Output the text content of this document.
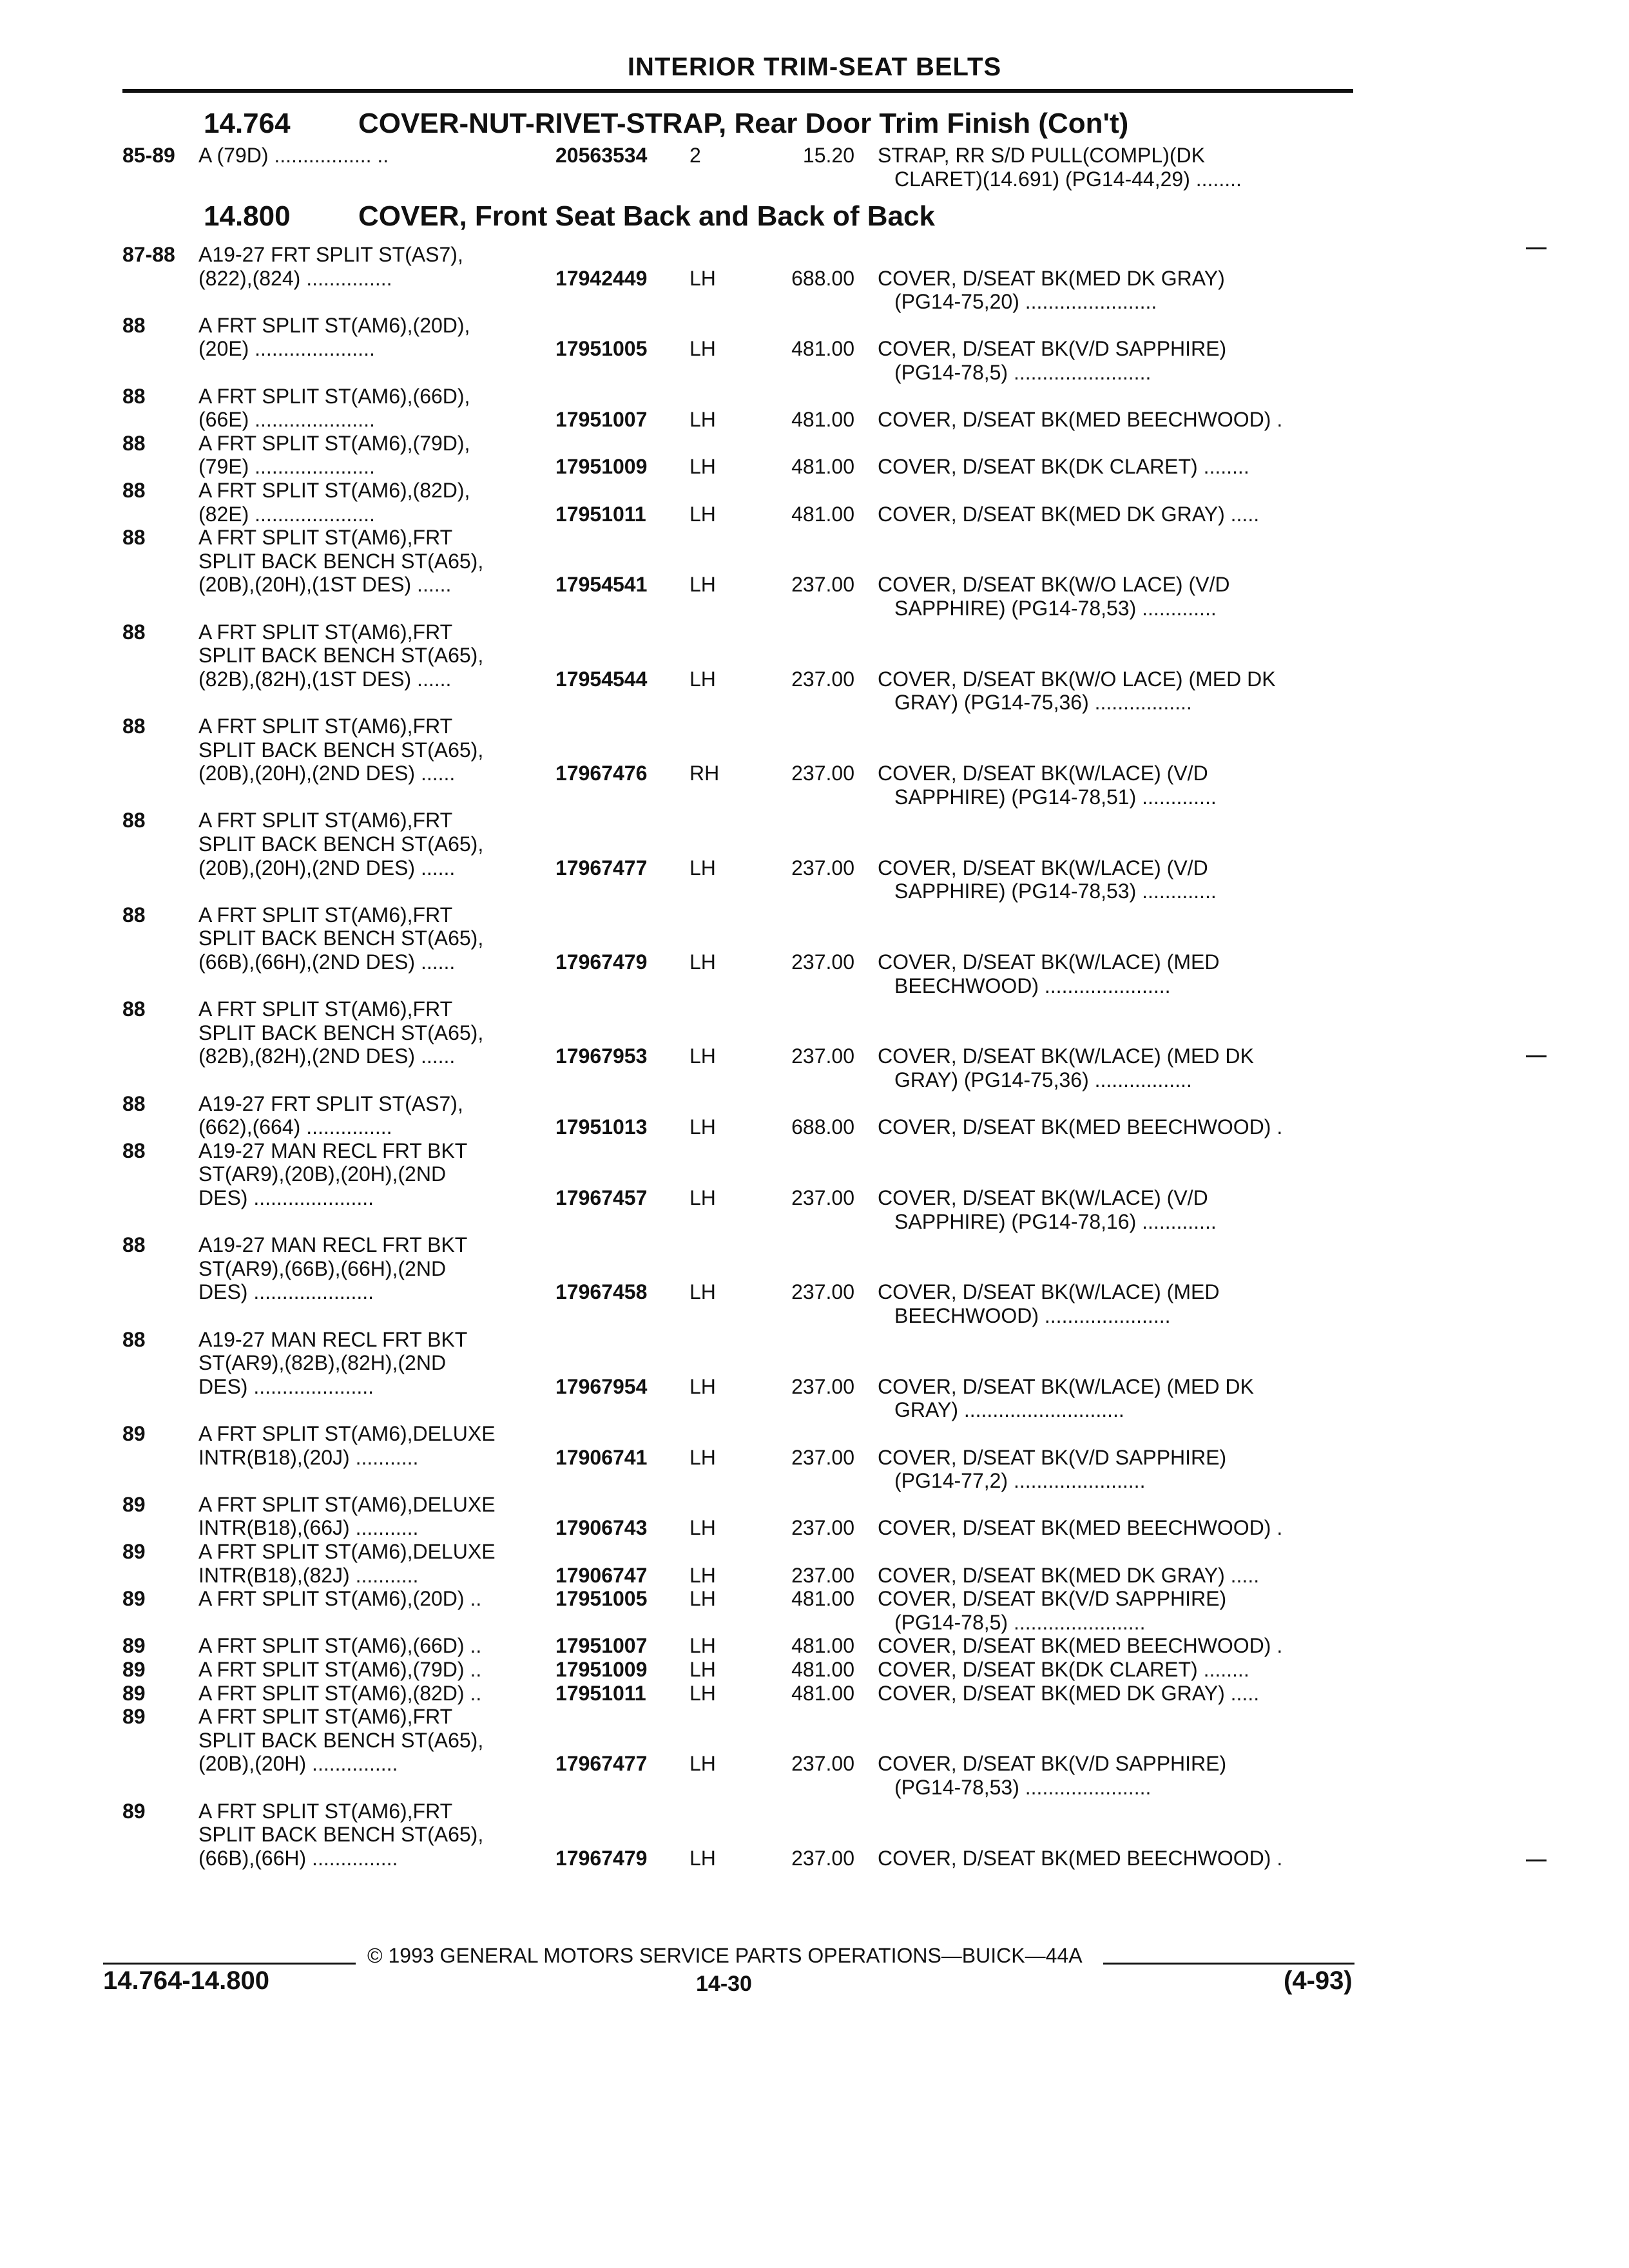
INTERIOR TRIM-SEAT BELTS
14.764 COVER-NUT-RIVET-STRAP, Rear Door Trim Finish (Con't)
14.800 COVER, Front Seat Back and Back of Back
85-89 A (79D) ................. ..	20563534 2	15.20 STRAP, RR S/D PULL(COMPL)(DK
CLARET)(14.691) (PG14-44,29) ........
87-88 A19-27 FRT SPLIT ST(AS7),
(822),(824) ...............	17942449 LH	688.00 COVER, D/SEAT BK(MED DK GRAY)
(PG14-75,20) .......................
88	A FRT SPLIT ST(AM6),(20D),
(20E) .....................	17951005 LH	481.00 COVER, D/SEAT BK(V/D SAPPHIRE)
(PG14-78,5) ........................
88	A FRT SPLIT ST(AM6),(66D),
(66E) .....................	17951007 LH	481.00 COVER, D/SEAT BK(MED BEECHWOOD) .
88	A FRT SPLIT ST(AM6),(79D),
(79E) .....................	17951009 LH	481.00 COVER, D/SEAT BK(DK CLARET) ........
88	A FRT SPLIT ST(AM6),(82D),
(82E) .....................	17951011 LH	481.00 COVER, D/SEAT BK(MED DK GRAY) .....
88	A FRT SPLIT ST(AM6),FRT
SPLIT BACK BENCH ST(A65),
(20B),(20H),(1ST DES) ......	17954541 LH	237.00 COVER, D/SEAT BK(W/O LACE) (V/D
SAPPHIRE) (PG14-78,53) .............
88	A FRT SPLIT ST(AM6),FRT
SPLIT BACK BENCH ST(A65),
(82B),(82H),(1ST DES) ......	17954544 LH	237.00 COVER, D/SEAT BK(W/O LACE) (MED DK
GRAY) (PG14-75,36) .................
88	A FRT SPLIT ST(AM6),FRT
SPLIT BACK BENCH ST(A65),
(20B),(20H),(2ND DES) ......	17967476 RH	237.00 COVER, D/SEAT BK(W/LACE) (V/D
SAPPHIRE) (PG14-78,51) .............
88	A FRT SPLIT ST(AM6),FRT
SPLIT BACK BENCH ST(A65),
(20B),(20H),(2ND DES) ......	17967477 LH	237.00 COVER, D/SEAT BK(W/LACE) (V/D
SAPPHIRE) (PG14-78,53) .............
88	A FRT SPLIT ST(AM6),FRT
SPLIT BACK BENCH ST(A65),
(66B),(66H),(2ND DES) ......	17967479 LH	237.00 COVER, D/SEAT BK(W/LACE) (MED
BEECHWOOD) ......................
88	A FRT SPLIT ST(AM6),FRT
SPLIT BACK BENCH ST(A65),
(82B),(82H),(2ND DES) ......	17967953 LH	237.00 COVER, D/SEAT BK(W/LACE) (MED DK
GRAY) (PG14-75,36) .................
88	A19-27 FRT SPLIT ST(AS7),
(662),(664) ...............	17951013 LH	688.00 COVER, D/SEAT BK(MED BEECHWOOD) .
88	A19-27 MAN RECL FRT BKT
ST(AR9),(20B),(20H),(2ND
DES) .....................	17967457 LH	237.00 COVER, D/SEAT BK(W/LACE) (V/D
SAPPHIRE) (PG14-78,16) .............
88	A19-27 MAN RECL FRT BKT
ST(AR9),(66B),(66H),(2ND
DES) .....................	17967458 LH	237.00 COVER, D/SEAT BK(W/LACE) (MED
BEECHWOOD) ......................
88	A19-27 MAN RECL FRT BKT
ST(AR9),(82B),(82H),(2ND
DES) .....................	17967954 LH	237.00 COVER, D/SEAT BK(W/LACE) (MED DK
GRAY) ............................
89	A FRT SPLIT ST(AM6),DELUXE
INTR(B18),(20J) ...........	17906741 LH	237.00 COVER, D/SEAT BK(V/D SAPPHIRE)
(PG14-77,2) .......................
89	A FRT SPLIT ST(AM6),DELUXE
INTR(B18),(66J) ...........	17906743 LH	237.00 COVER, D/SEAT BK(MED BEECHWOOD) .
89	A FRT SPLIT ST(AM6),DELUXE
INTR(B18),(82J) ...........	17906747 LH	237.00 COVER, D/SEAT BK(MED DK GRAY) .....
89	A FRT SPLIT ST(AM6),(20D) ..	17951005 LH	481.00 COVER, D/SEAT BK(V/D SAPPHIRE)
(PG14-78,5) .......................
89	A FRT SPLIT ST(AM6),(66D) ..	17951007 LH	481.00 COVER, D/SEAT BK(MED BEECHWOOD) .
89	A FRT SPLIT ST(AM6),(79D) ..	17951009 LH	481.00 COVER, D/SEAT BK(DK CLARET) ........
89	A FRT SPLIT ST(AM6),(82D) ..	17951011 LH	481.00 COVER, D/SEAT BK(MED DK GRAY) .....
89	A FRT SPLIT ST(AM6),FRT
SPLIT BACK BENCH ST(A65),
(20B),(20H) ...............	17967477 LH	237.00 COVER, D/SEAT BK(V/D SAPPHIRE)
(PG14-78,53) ......................
89	A FRT SPLIT ST(AM6),FRT
SPLIT BACK BENCH ST(A65),
(66B),(66H) ...............	17967479 LH	237.00 COVER, D/SEAT BK(MED BEECHWOOD) .
© 1993 GENERAL MOTORS SERVICE PARTS OPERATIONS—BUICK—44A
14.764-14.800	14-30	(4-93)
